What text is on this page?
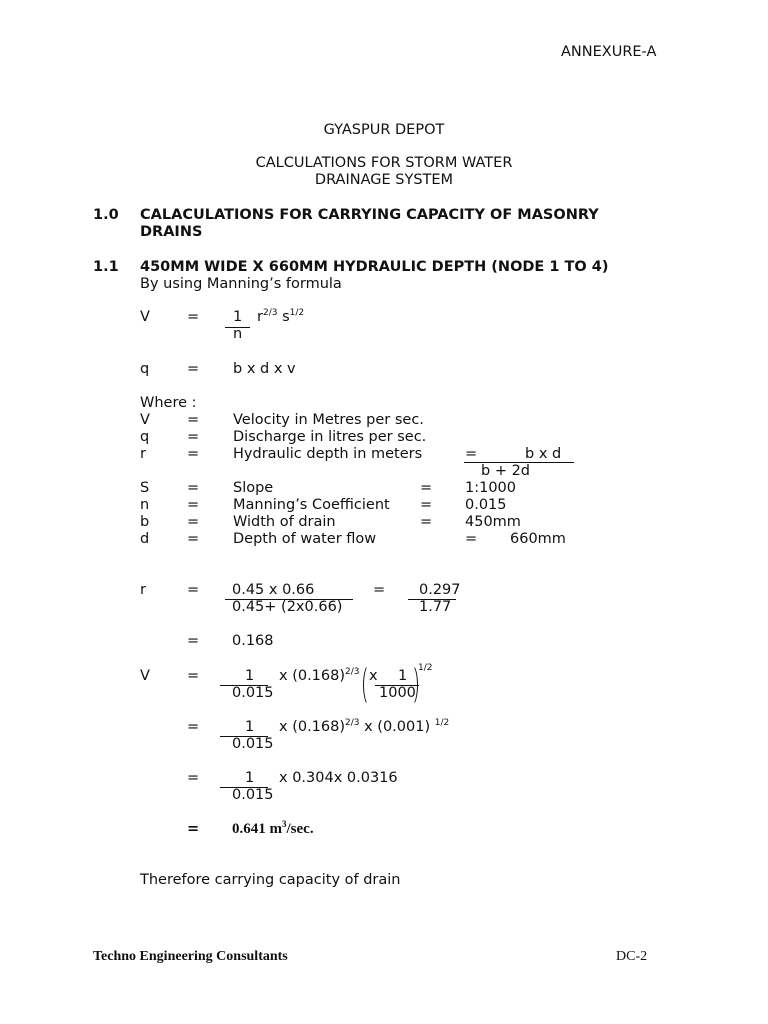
ANNEXURE-A
GYASPUR DEPOT
CALCULATIONS FOR STORM WATER
DRAINAGE SYSTEM
1.0 CALACULATIONS FOR CARRYING CAPACITY OF MASONRY
DRAINS
1.1 450MM WIDE X 660MM HYDRAULIC DEPTH (NODE 1 TO 4)
By using Manning’s formula
V	= 1
n
$r^{2/3}$ $s^{1/2}$
q	= b x d x v
Where :
V	= Velocity in Metres per sec.
q	= Discharge in litres per sec.
r	= Hydraulic depth in meters	=	b x d
b + 2d
S	= Slope	= 1:1000
n	= Manning’s Coefficient = 0.015
b	= Width of drain	= 450mm
d	= Depth of water flow	= 660mm
r	= 0.45 x 0.66
0.45+ (2x0.66)
= 0.297
1.77
= 0.168
V	=	1
0.015
x $(0.168)^{2/3}$ x 1
1000
1/2
=	1
0.015
x $(0.168)^{2/3}$ x (0.001) $^{1/2}$
=	1
0.015
x 0.304x 0.0316
= 0.641 $m^3/\sec$.
Therefore carrying capacity of drain
Techno Engineering Consultants	DC-2
